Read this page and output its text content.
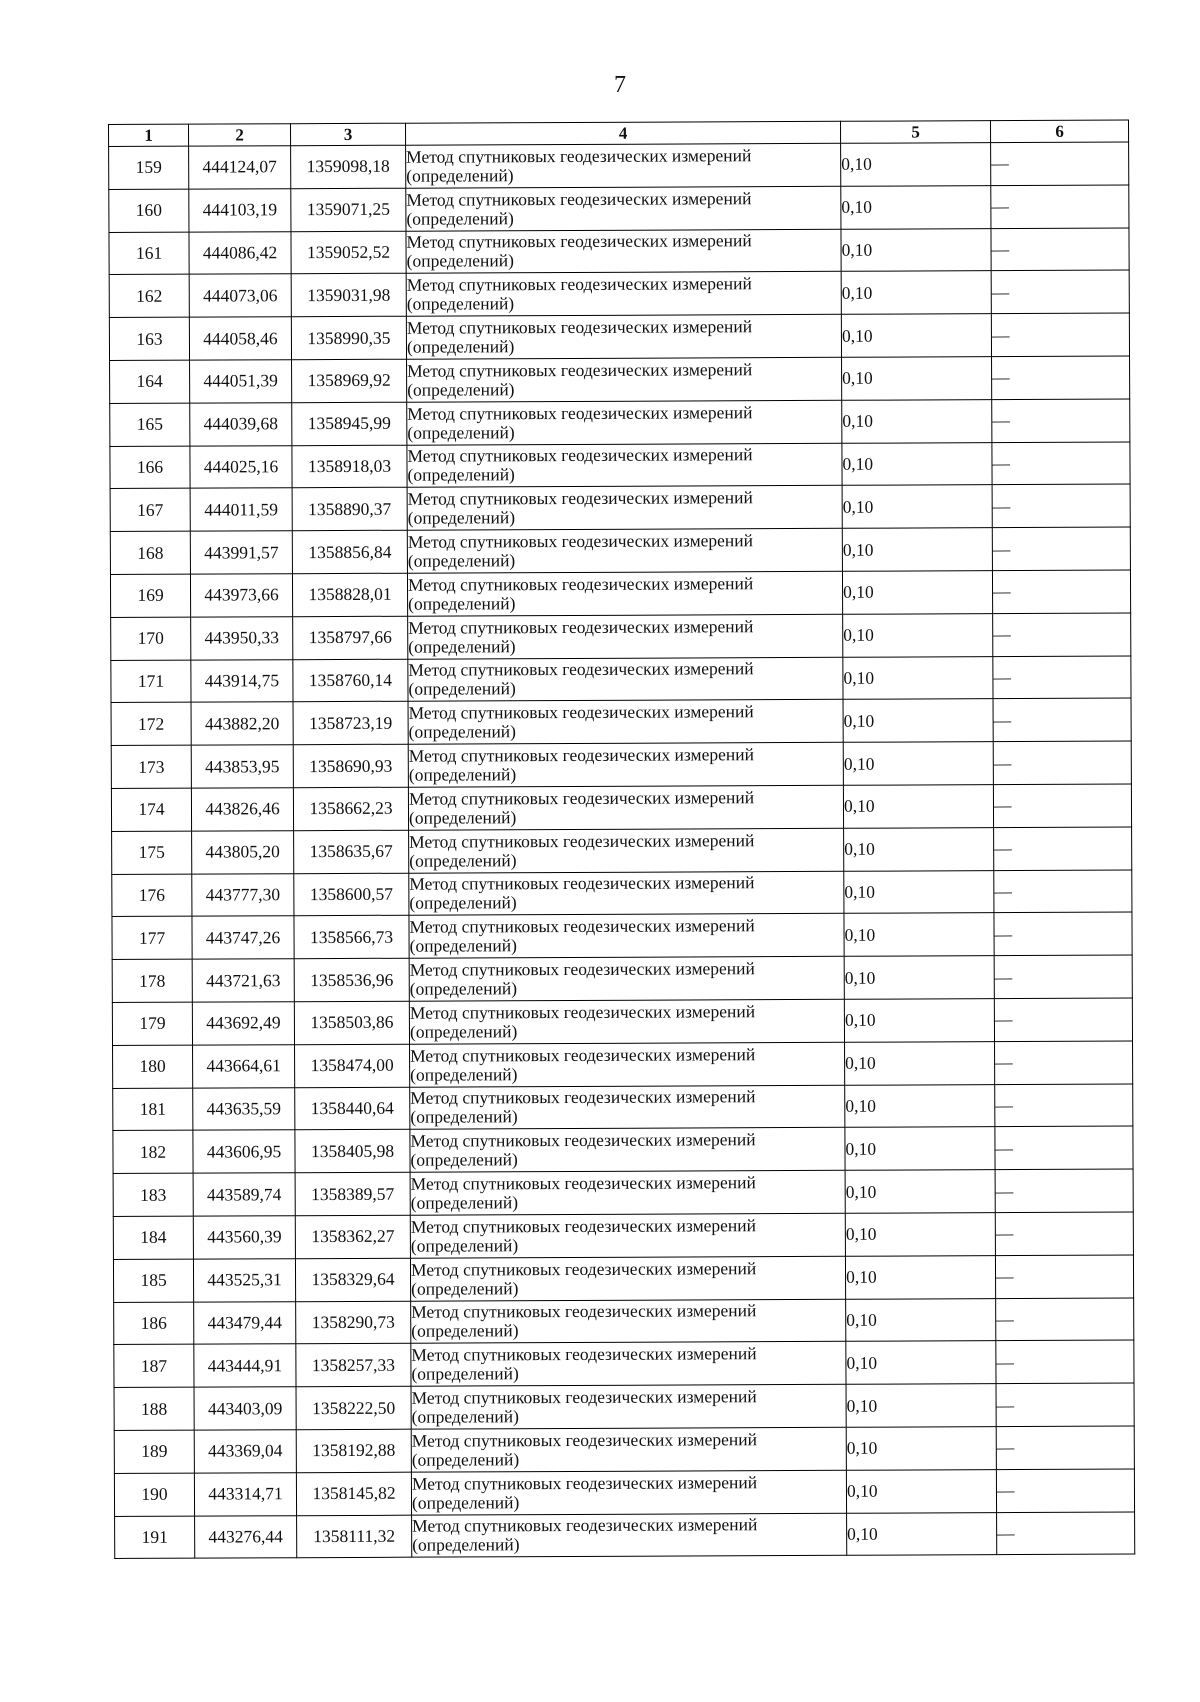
7
1	2	3	4	5	6
159	444124,07	1359098,18	Метод спутниковых геодезических измерений
(определений)	0,10	—
160	444103,19	1359071,25	Метод спутниковых геодезических измерений
(определений)	0,10	—
161	444086,42	1359052,52	Метод спутниковых геодезических измерений
(определений)	0,10	—
162	444073,06	1359031,98	Метод спутниковых геодезических измерений
(определений)	0,10	—
163	444058,46	1358990,35	Метод спутниковых геодезических измерений
(определений)	0,10	—
164	444051,39	1358969,92	Метод спутниковых геодезических измерений
(определений)	0,10	—
165	444039,68	1358945,99	Метод спутниковых геодезических измерений
(определений)	0,10	—
166	444025,16	1358918,03	Метод спутниковых геодезических измерений
(определений)	0,10	—
167	444011,59	1358890,37	Метод спутниковых геодезических измерений
(определений)	0,10	—
168	443991,57	1358856,84	Метод спутниковых геодезических измерений
(определений)	0,10	—
169	443973,66	1358828,01	Метод спутниковых геодезических измерений
(определений)	0,10	—
170	443950,33	1358797,66	Метод спутниковых геодезических измерений
(определений)	0,10	—
171	443914,75	1358760,14	Метод спутниковых геодезических измерений
(определений)	0,10	—
172	443882,20	1358723,19	Метод спутниковых геодезических измерений
(определений)	0,10	—
173	443853,95	1358690,93	Метод спутниковых геодезических измерений
(определений)	0,10	—
174	443826,46	1358662,23	Метод спутниковых геодезических измерений
(определений)	0,10	—
175	443805,20	1358635,67	Метод спутниковых геодезических измерений
(определений)	0,10	—
176	443777,30	1358600,57	Метод спутниковых геодезических измерений
(определений)	0,10	—
177	443747,26	1358566,73	Метод спутниковых геодезических измерений
(определений)	0,10	—
178	443721,63	1358536,96	Метод спутниковых геодезических измерений
(определений)	0,10	—
179	443692,49	1358503,86	Метод спутниковых геодезических измерений
(определений)	0,10	—
180	443664,61	1358474,00	Метод спутниковых геодезических измерений
(определений)	0,10	—
181	443635,59	1358440,64	Метод спутниковых геодезических измерений
(определений)	0,10	—
182	443606,95	1358405,98	Метод спутниковых геодезических измерений
(определений)	0,10	—
183	443589,74	1358389,57	Метод спутниковых геодезических измерений
(определений)	0,10	—
184	443560,39	1358362,27	Метод спутниковых геодезических измерений
(определений)	0,10	—
185	443525,31	1358329,64	Метод спутниковых геодезических измерений
(определений)	0,10	—
186	443479,44	1358290,73	Метод спутниковых геодезических измерений
(определений)	0,10	—
187	443444,91	1358257,33	Метод спутниковых геодезических измерений
(определений)	0,10	—
188	443403,09	1358222,50	Метод спутниковых геодезических измерений
(определений)	0,10	—
189	443369,04	1358192,88	Метод спутниковых геодезических измерений
(определений)	0,10	—
190	443314,71	1358145,82	Метод спутниковых геодезических измерений
(определений)	0,10	—
191	443276,44	1358111,32	Метод спутниковых геодезических измерений
(определений)	0,10	—
